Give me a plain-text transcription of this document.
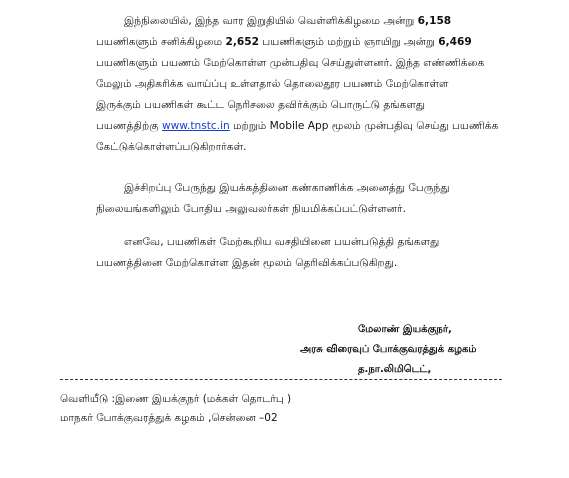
இந்நிலையில், இந்த வார இறுதியில் வெள்ளிக்கிழமை அன்று 6,158
பயணிகளும் சனிக்கிழமை 2,652 பயணிகளும் மற்றும் ஞாயிறு அன்று 6,469
பயணிகளும் பயணம் மேற்கொள்ள முன்பதிவு செய்துள்ளனர். இந்த எண்ணிக்கை
மேலும் அதிகரிக்க வாய்ப்பு உள்ளதால் தொலைதூர பயணம் மேற்கொள்ள
இருக்கும் பயணிகள் கூட்ட நெரிசலை தவிர்க்கும் பொருட்டு தங்களது
பயணத்திற்கு www.tnstc.in மற்றும் Mobile App மூலம் முன்பதிவு செய்து பயணிக்க
கேட்டுக்கொள்ளப்படுகிறார்கள்.
இச்சிறப்பு பேருந்து இயக்கத்தினை கண்காணிக்க அனைத்து பேருந்து
நிலையங்களிலும் போதிய அலுவலர்கள் நியமிக்கப்பட்டுள்ளனர்.
எனவே, பயணிகள் மேற்கூறிய வசதியினை பயன்படுத்தி தங்களது
பயணத்தினை மேற்கொள்ள இதன் மூலம் தெரிவிக்கப்படுகிறது.
மேலாண் இயக்குநர்,
அரசு விரைவுப் போக்குவரத்துக் கழகம்
த.நா.லிமிடெட்,
வெளியீடு :இணை இயக்குநர் (மக்கள் தொடர்பு )
மாநகர் போக்குவரத்துக் கழகம் ,சென்னை –02
